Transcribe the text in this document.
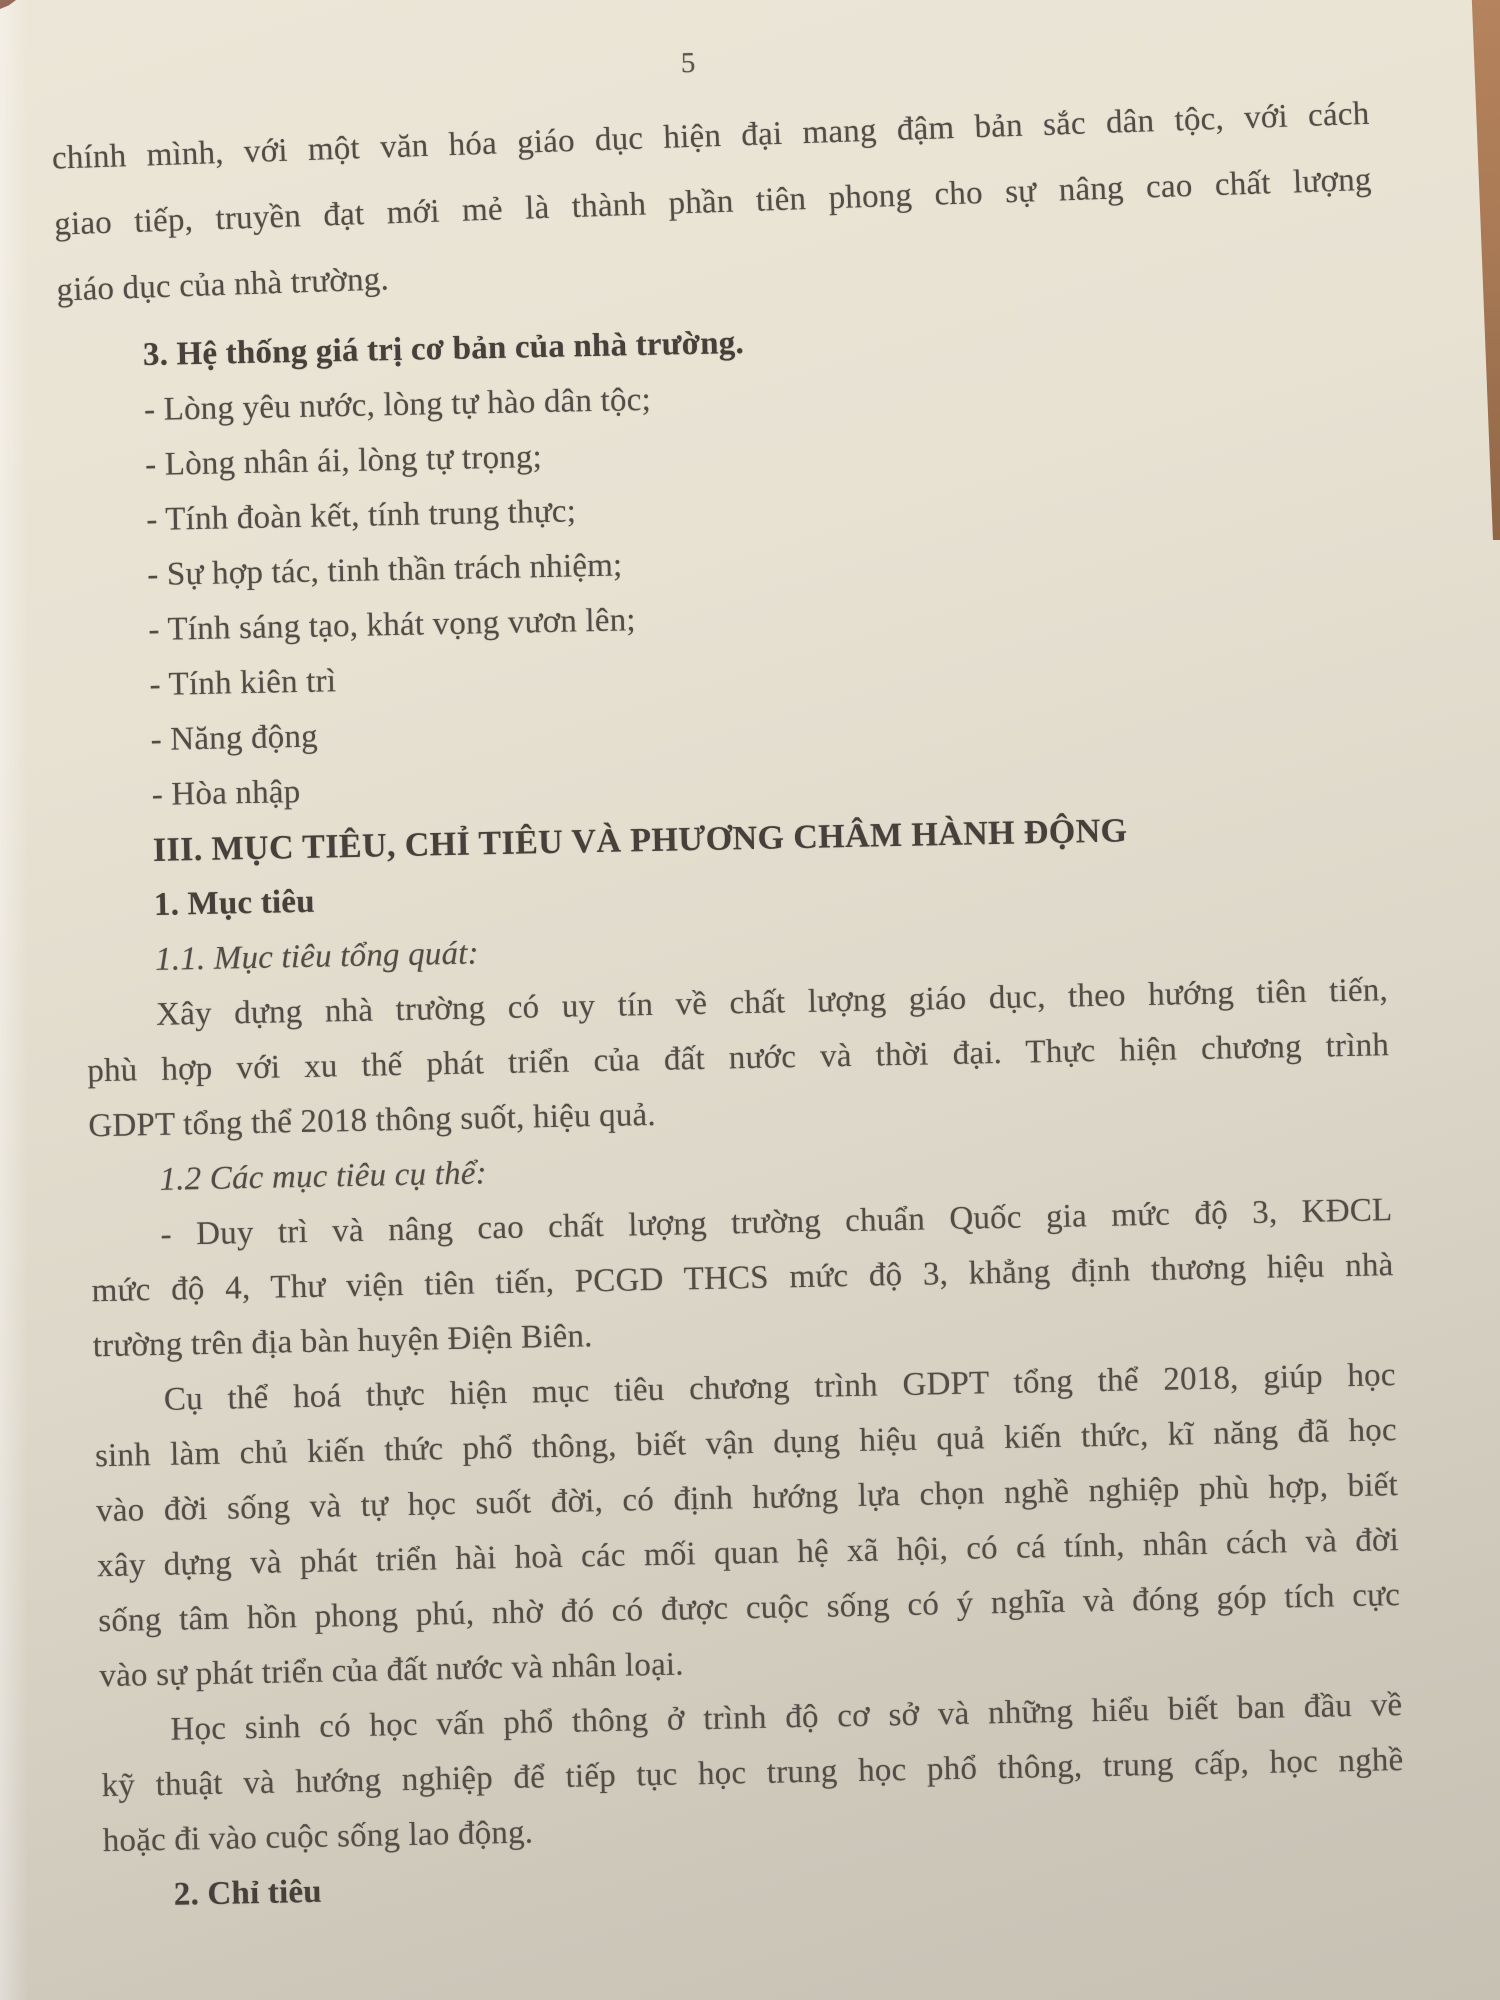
5
chính mình, với một văn hóa giáo dục hiện đại mang đậm bản sắc dân tộc, với cách
giao tiếp, truyền đạt mới mẻ là thành phần tiên phong cho sự nâng cao chất lượng
giáo dục của nhà trường.
3. Hệ thống giá trị cơ bản của nhà trường.
- Lòng yêu nước, lòng tự hào dân tộc;
- Lòng nhân ái, lòng tự trọng;
- Tính đoàn kết, tính trung thực;
- Sự hợp tác, tinh thần trách nhiệm;
- Tính sáng tạo, khát vọng vươn lên;
- Tính kiên trì
- Năng động
- Hòa nhập
III. MỤC TIÊU, CHỈ TIÊU VÀ PHƯƠNG CHÂM HÀNH ĐỘNG
1. Mục tiêu
1.1. Mục tiêu tổng quát:
Xây dựng nhà trường có uy tín về chất lượng giáo dục, theo hướng tiên tiến,
phù hợp với xu thế phát triển của đất nước và thời đại. Thực hiện chương trình
GDPT tổng thể 2018 thông suốt, hiệu quả.
1.2 Các mục tiêu cụ thể:
- Duy trì và nâng cao chất lượng trường chuẩn Quốc gia mức độ 3, KĐCL
mức độ 4, Thư viện tiên tiến, PCGD THCS mức độ 3, khẳng định thương hiệu nhà
trường trên địa bàn huyện Điện Biên.
Cụ thể hoá thực hiện mục tiêu chương trình GDPT tổng thể 2018, giúp học
sinh làm chủ kiến thức phổ thông, biết vận dụng hiệu quả kiến thức, kĩ năng đã học
vào đời sống và tự học suốt đời, có định hướng lựa chọn nghề nghiệp phù hợp, biết
xây dựng và phát triển hài hoà các mối quan hệ xã hội, có cá tính, nhân cách và đời
sống tâm hồn phong phú, nhờ đó có được cuộc sống có ý nghĩa và đóng góp tích cực
vào sự phát triển của đất nước và nhân loại.
Học sinh có học vấn phổ thông ở trình độ cơ sở và những hiểu biết ban đầu về
kỹ thuật và hướng nghiệp để tiếp tục học trung học phổ thông, trung cấp, học nghề
hoặc đi vào cuộc sống lao động.
2. Chỉ tiêu
